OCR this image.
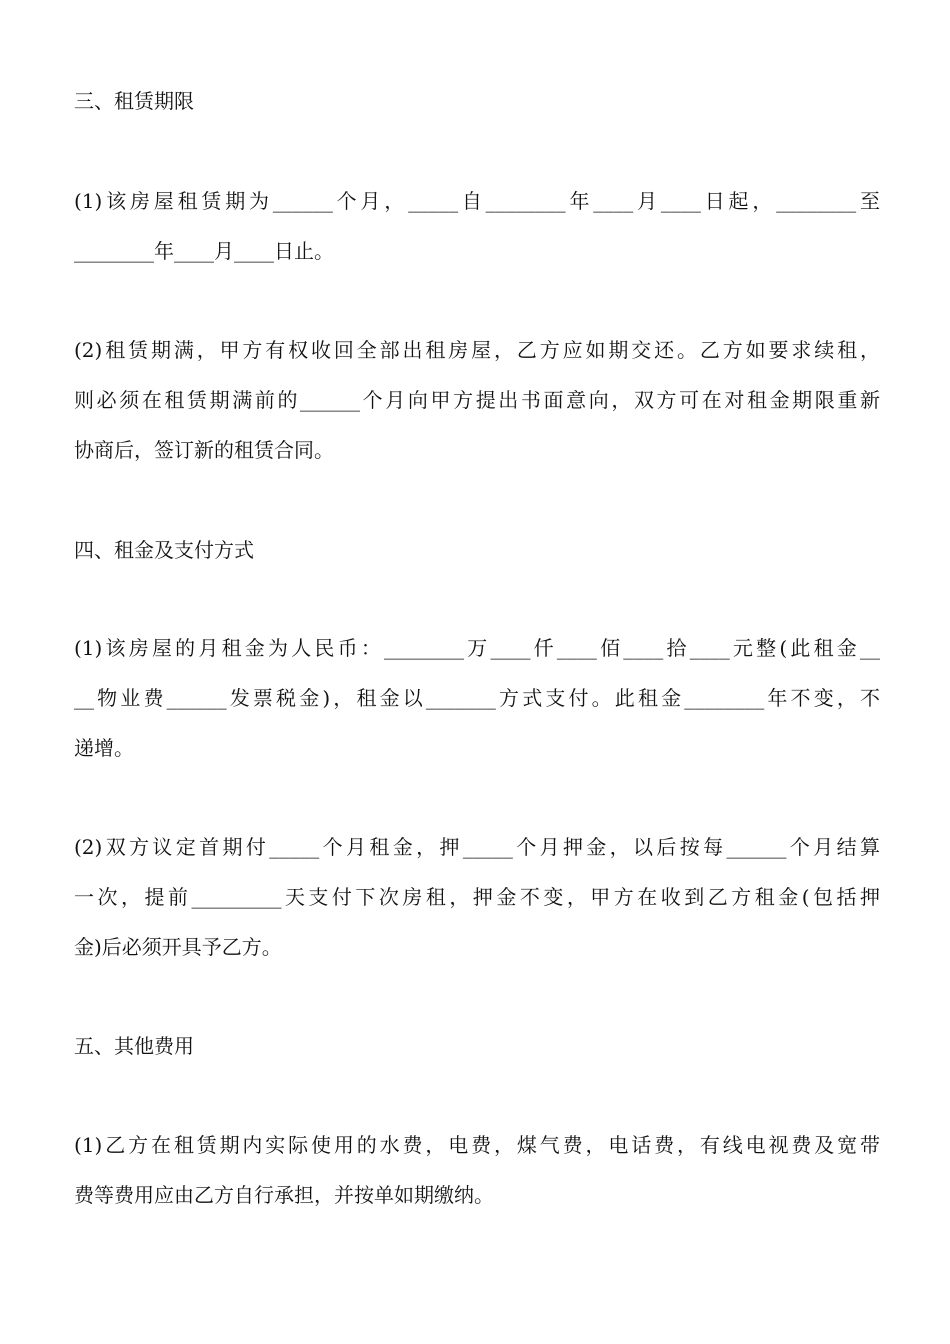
三、租赁期限
(1)该房屋租赁期为______个月，_____自________年____月____日起，________至
________年____月____日止。
(2)租赁期满，甲方有权收回全部出租房屋，乙方应如期交还。乙方如要求续租，
则必须在租赁期满前的______个月向甲方提出书面意向，双方可在对租金期限重新
协商后，签订新的租赁合同。
四、租金及支付方式
(1)该房屋的月租金为人民币：________万____仟____佰____拾____元整(此租金__
__物业费______发票税金)，租金以_______方式支付。此租金________年不变，不
递增。
(2)双方议定首期付_____个月租金，押_____个月押金，以后按每______个月结算
一次，提前_________天支付下次房租，押金不变，甲方在收到乙方租金(包括押
金)后必须开具予乙方。
五、其他费用
(1)乙方在租赁期内实际使用的水费，电费，煤气费，电话费，有线电视费及宽带
费等费用应由乙方自行承担，并按单如期缴纳。
